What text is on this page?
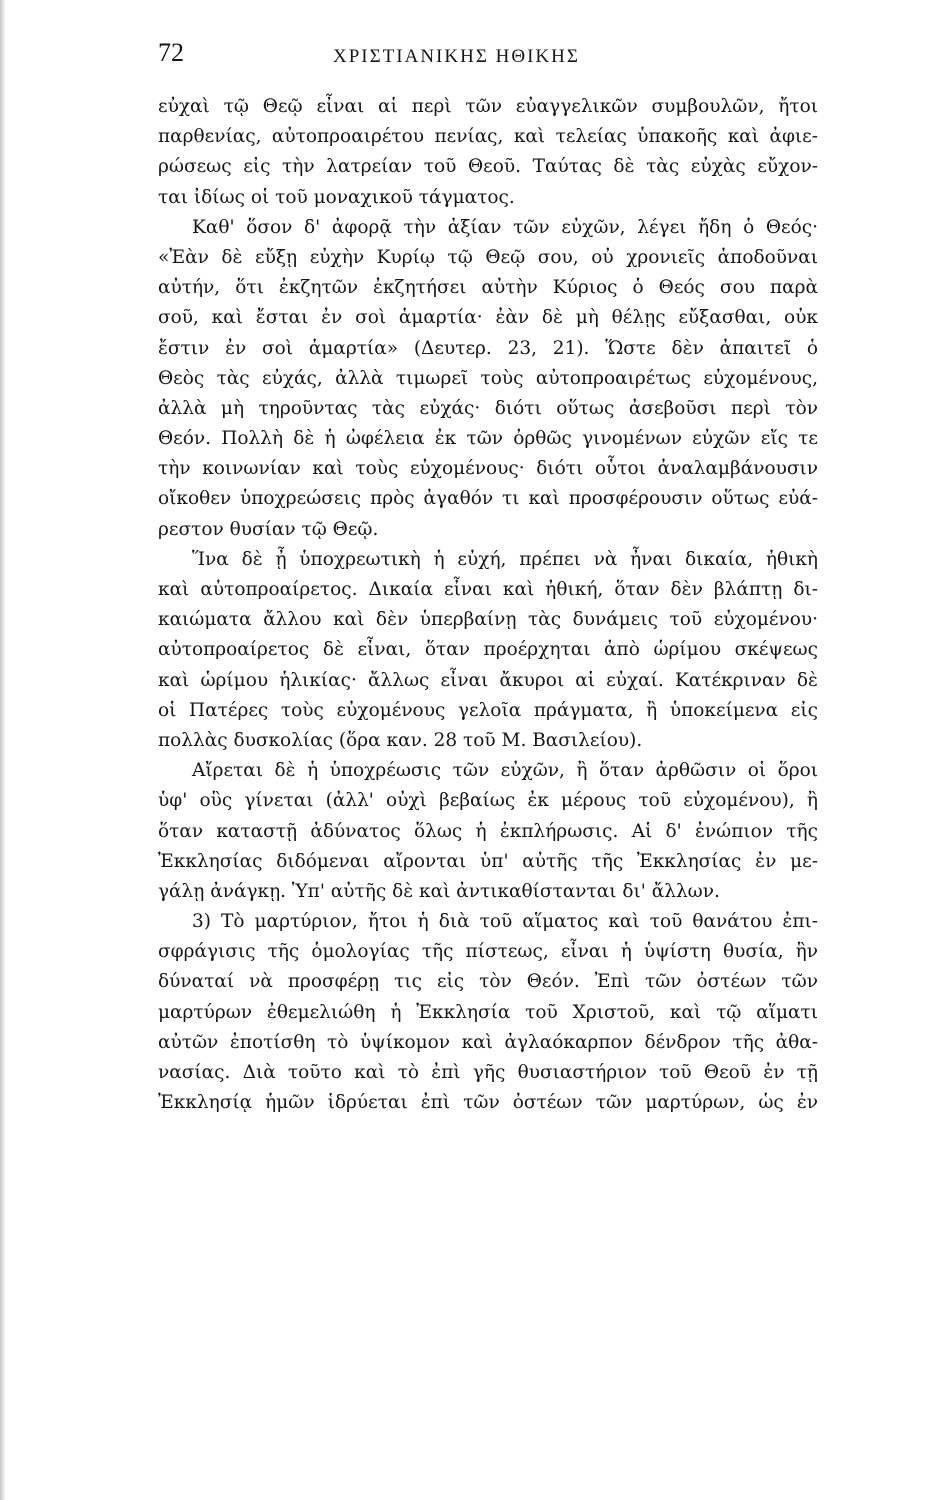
72	ΧΡΙΣΤΙΑΝΙΚΗΣ ΗΘΙΚΗΣ
εὐχαὶ τῷ Θεῷ εἶναι αἱ περὶ τῶν εὐαγγελικῶν συμβουλῶν, ἤτοι
παρθενίας, αὐτοπροαιρέτου πενίας, καὶ τελείας ὑπακοῆς καὶ ἀφιε-
ρώσεως εἰς τὴν λατρείαν τοῦ Θεοῦ. Ταύτας δὲ τὰς εὐχὰς εὔχον-
ται ἰδίως οἱ τοῦ μοναχικοῦ τάγματος.
Καθ' ὅσον δ' ἀφορᾷ τὴν ἀξίαν τῶν εὐχῶν, λέγει ἤδη ὁ Θεός·
«Ἐὰν δὲ εὔξῃ εὐχὴν Κυρίῳ τῷ Θεῷ σου, οὐ χρονιεῖς ἀποδοῦναι
αὐτήν, ὅτι ἐκζητῶν ἐκζητήσει αὐτὴν Κύριος ὁ Θεός σου παρὰ
σοῦ, καὶ ἔσται ἐν σοὶ ἁμαρτία· ἐὰν δὲ μὴ θέλῃς εὔξασθαι, οὐκ
ἔστιν ἐν σοὶ ἁμαρτία» (Δευτερ. 23, 21). Ὥστε δὲν ἀπαιτεῖ ὁ
Θεὸς τὰς εὐχάς, ἀλλὰ τιμωρεῖ τοὺς αὐτοπροαιρέτως εὐχομένους,
ἀλλὰ μὴ τηροῦντας τὰς εὐχάς· διότι οὕτως ἀσεβοῦσι περὶ τὸν
Θεόν. Πολλὴ δὲ ἡ ὠφέλεια ἐκ τῶν ὀρθῶς γινομένων εὐχῶν εἴς τε
τὴν κοινωνίαν καὶ τοὺς εὐχομένους· διότι οὗτοι ἀναλαμβάνουσιν
οἴκοθεν ὑποχρεώσεις πρὸς ἀγαθόν τι καὶ προσφέρουσιν οὕτως εὐά-
ρεστον θυσίαν τῷ Θεῷ.
Ἵνα δὲ ᾖ ὑποχρεωτικὴ ἡ εὐχή, πρέπει νὰ ἦναι δικαία, ἠθικὴ
καὶ αὐτοπροαίρετος. Δικαία εἶναι καὶ ἠθική, ὅταν δὲν βλάπτῃ δι-
καιώματα ἄλλου καὶ δὲν ὑπερβαίνῃ τὰς δυνάμεις τοῦ εὐχομένου·
αὐτοπροαίρετος δὲ εἶναι, ὅταν προέρχηται ἀπὸ ὡρίμου σκέψεως
καὶ ὡρίμου ἡλικίας· ἄλλως εἶναι ἄκυροι αἱ εὐχαί. Κατέκριναν δὲ
οἱ Πατέρες τοὺς εὐχομένους γελοῖα πράγματα, ἢ ὑποκείμενα εἰς
πολλὰς δυσκολίας (ὅρα καν. 28 τοῦ Μ. Βασιλείου).
Αἴρεται δὲ ἡ ὑποχρέωσις τῶν εὐχῶν, ἢ ὅταν ἀρθῶσιν οἱ ὅροι
ὑφ' οὓς γίνεται (ἀλλ' οὐχὶ βεβαίως ἐκ μέρους τοῦ εὐχομένου), ἢ
ὅταν καταστῇ ἀδύνατος ὅλως ἡ ἐκπλήρωσις. Αἱ δ' ἐνώπιον τῆς
Ἐκκλησίας διδόμεναι αἴρονται ὑπ' αὐτῆς τῆς Ἐκκλησίας ἐν με-
γάλῃ ἀνάγκῃ. Ὑπ' αὐτῆς δὲ καὶ ἀντικαθίστανται δι' ἄλλων.
3) Τὸ μαρτύριον, ἤτοι ἡ διὰ τοῦ αἵματος καὶ τοῦ θανάτου ἐπι-
σφράγισις τῆς ὁμολογίας τῆς πίστεως, εἶναι ἡ ὑψίστη θυσία, ἣν
δύναταί νὰ προσφέρῃ τις εἰς τὸν Θεόν. Ἐπὶ τῶν ὀστέων τῶν
μαρτύρων ἐθεμελιώθη ἡ Ἐκκλησία τοῦ Χριστοῦ, καὶ τῷ αἵματι
αὐτῶν ἐποτίσθη τὸ ὑψίκομον καὶ ἀγλαόκαρπον δένδρον τῆς ἀθα-
νασίας. Διὰ τοῦτο καὶ τὸ ἐπὶ γῆς θυσιαστήριον τοῦ Θεοῦ ἐν τῇ
Ἐκκλησίᾳ ἡμῶν ἱδρύεται ἐπὶ τῶν ὀστέων τῶν μαρτύρων, ὡς ἐν
